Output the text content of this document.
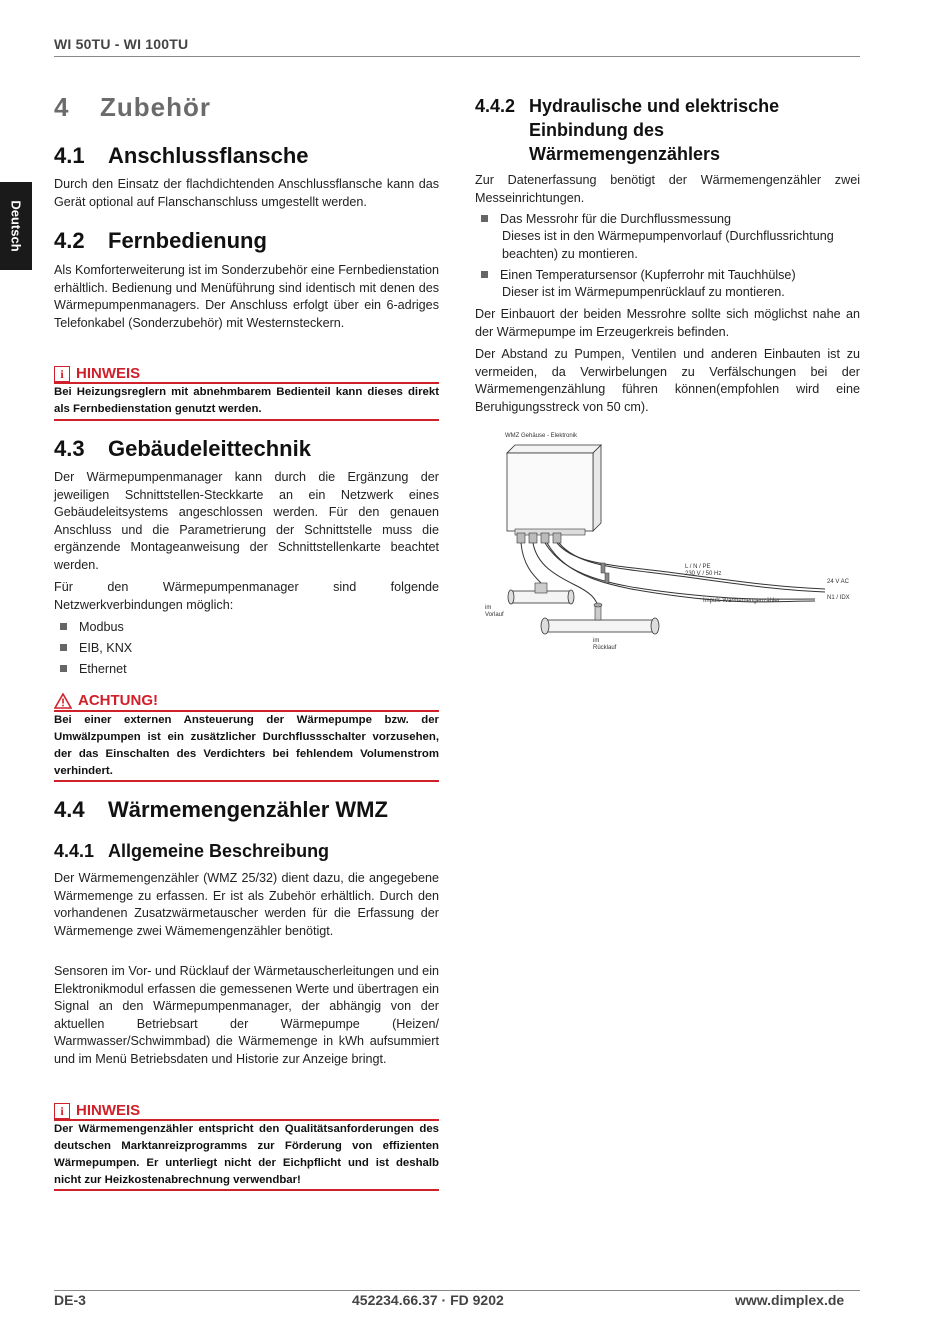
WI 50TU - WI 100TU
Deutsch
4 Zubehör
4.1 Anschlussflansche
Durch den Einsatz der flachdichtenden Anschlussflansche kann das Gerät optional auf Flanschanschluss umgestellt werden.
4.2 Fernbedienung
Als Komforterweiterung ist im Sonderzubehör eine Fernbedienstation erhältlich. Bedienung und Menüführung sind identisch mit denen des Wärmepumpenmanagers. Der Anschluss erfolgt über ein 6-adriges Telefonkabel (Sonderzubehör) mit Westernsteckern.
i HINWEIS
Bei Heizungsreglern mit abnehmbarem Bedienteil kann dieses direkt als Fernbedienstation genutzt werden.
4.3 Gebäudeleittechnik
Der Wärmepumpenmanager kann durch die Ergänzung der jeweiligen Schnittstellen-Steckkarte an ein Netzwerk eines Gebäudeleitsystems angeschlossen werden. Für den genauen Anschluss und die Parametrierung der Schnittstelle muss die ergänzende Montageanweisung der Schnittstellenkarte beachtet werden.
Für den Wärmepumpenmanager sind folgende Netzwerkverbindungen möglich:
Modbus
EIB, KNX
Ethernet
ACHTUNG!
Bei einer externen Ansteuerung der Wärmepumpe bzw. der Umwälzpumpen ist ein zusätzlicher Durchflussschalter vorzusehen, der das Einschalten des Verdichters bei fehlendem Volumenstrom verhindert.
4.4 Wärmemengenzähler WMZ
4.4.1 Allgemeine Beschreibung
Der Wärmemengenzähler (WMZ 25/32) dient dazu, die angegebene Wärmemenge zu erfassen. Er ist als Zubehör erhältlich. Durch den vorhandenen Zusatzwärmetauscher werden für die Erfassung der Wärmemenge zwei Wämemengenzähler benötigt.
Sensoren im Vor- und Rücklauf der Wärmetauscherleitungen und ein Elektronikmodul erfassen die gemessenen Werte und übertragen ein Signal an den Wärmepumpenmanager, der abhängig von der aktuellen Betriebsart der Wärmepumpe (Heizen/ Warmwasser/Schwimmbad) die Wärmemenge in kWh aufsummiert und im Menü Betriebsdaten und Historie zur Anzeige bringt.
i HINWEIS
Der Wärmemengenzähler entspricht den Qualitätsanforderungen des deutschen Marktanreizprogramms zur Förderung von effizienten Wärmepumpen. Er unterliegt nicht der Eichpflicht und ist deshalb nicht zur Heizkostenabrechnung verwendbar!
4.4.2 Hydraulische und elektrische
Einbindung des
Wärmemengenzählers
Zur Datenerfassung benötigt der Wärmemengenzähler zwei Messeinrichtungen.
Das Messrohr für die Durchflussmessung
Dieses ist in den Wärmepumpenvorlauf (Durchflussrichtung beachten) zu montieren.
Einen Temperatursensor (Kupferrohr mit Tauchhülse)
Dieser ist im Wärmepumpenrücklauf zu montieren.
Der Einbauort der beiden Messrohre sollte sich möglichst nahe an der Wärmepumpe im Erzeugerkreis befinden.
Der Abstand zu Pumpen, Ventilen und anderen Einbauten ist zu vermeiden, da Verwirbelungen zu Verfälschungen bei der Wärmemengenzählung führen können(empfohlen wird eine Beruhigungsstreck von 50 cm).
WMZ Gehäuse - Elektronik
L / N / PE
230 V / 50 Hz
24 V AC
N1 / IDX
Impuls Wärmemengenzähler
im
Vorlauf
im
Rücklauf
DE-3	452234.66.37 · FD 9202	www.dimplex.de
